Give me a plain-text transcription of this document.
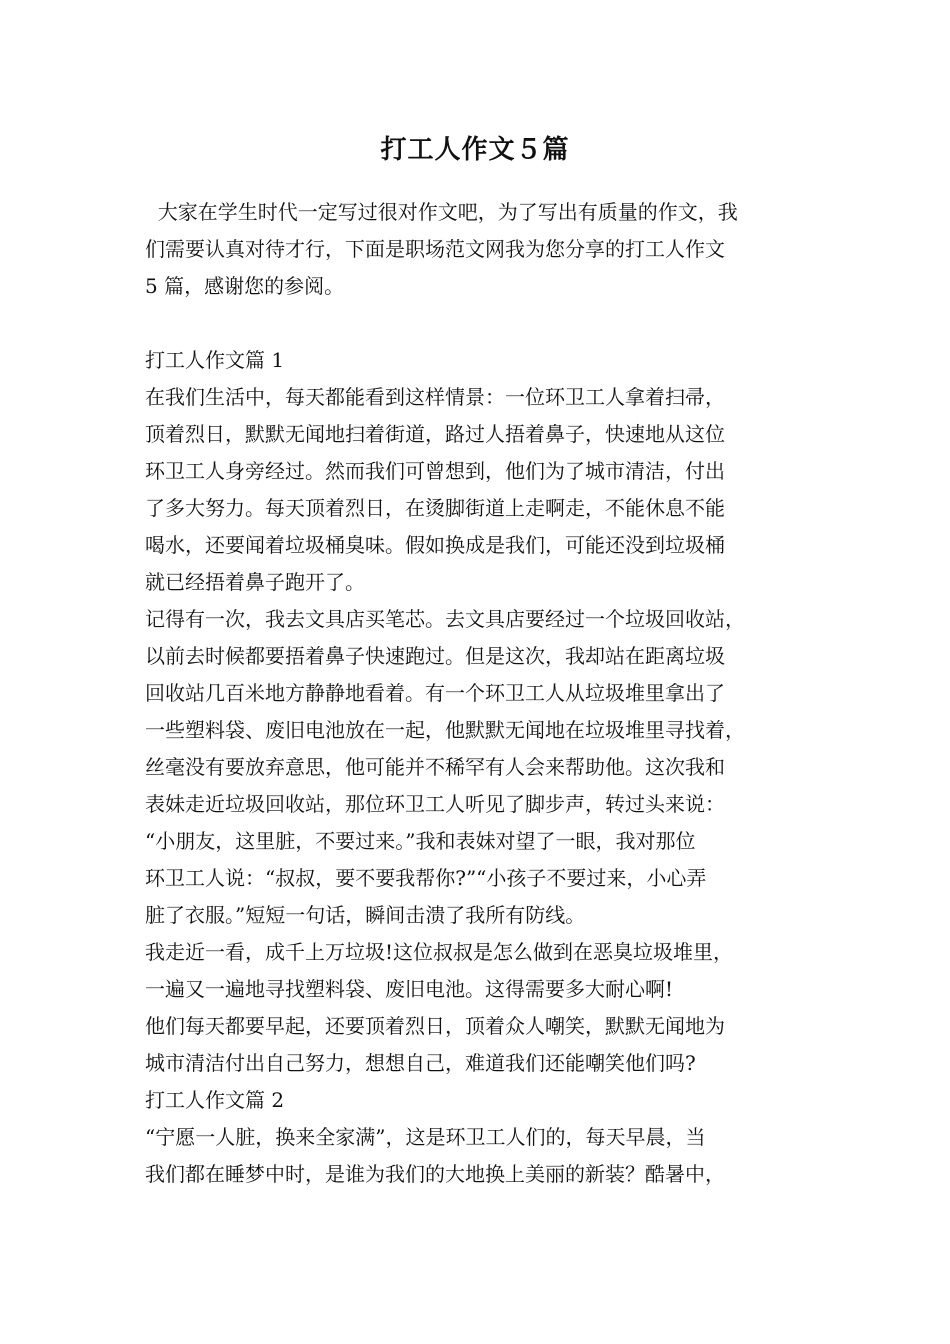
打工人作文５篇
大家在学生时代一定写过很对作文吧，为了写出有质量的作文，我
们需要认真对待才行，下面是职场范文网我为您分享的打工人作文
5 篇，感谢您的参阅。
打工人作文篇 1
在我们生活中，每天都能看到这样情景：一位环卫工人拿着扫帚，
顶着烈日，默默无闻地扫着街道，路过人捂着鼻子，快速地从这位
环卫工人身旁经过。然而我们可曾想到，他们为了城市清洁，付出
了多大努力。每天顶着烈日，在烫脚街道上走啊走，不能休息不能
喝水，还要闻着垃圾桶臭味。假如换成是我们，可能还没到垃圾桶
就已经捂着鼻子跑开了。
记得有一次，我去文具店买笔芯。去文具店要经过一个垃圾回收站，
以前去时候都要捂着鼻子快速跑过。但是这次，我却站在距离垃圾
回收站几百米地方静静地看着。有一个环卫工人从垃圾堆里拿出了
一些塑料袋、废旧电池放在一起，他默默无闻地在垃圾堆里寻找着，
丝毫没有要放弃意思，他可能并不稀罕有人会来帮助他。这次我和
表妹走近垃圾回收站，那位环卫工人听见了脚步声，转过头来说：
“小朋友，这里脏，不要过来。”我和表妹对望了一眼，我对那位
环卫工人说：“叔叔，要不要我帮你?”“小孩子不要过来，小心弄
脏了衣服。”短短一句话，瞬间击溃了我所有防线。
我走近一看，成千上万垃圾!这位叔叔是怎么做到在恶臭垃圾堆里，
一遍又一遍地寻找塑料袋、废旧电池。这得需要多大耐心啊!
他们每天都要早起，还要顶着烈日，顶着众人嘲笑，默默无闻地为
城市清洁付出自己努力，想想自己，难道我们还能嘲笑他们吗?
打工人作文篇 2
“宁愿一人脏，换来全家满”，这是环卫工人们的，每天早晨，当
我们都在睡梦中时，是谁为我们的大地换上美丽的新装？酷暑中，
